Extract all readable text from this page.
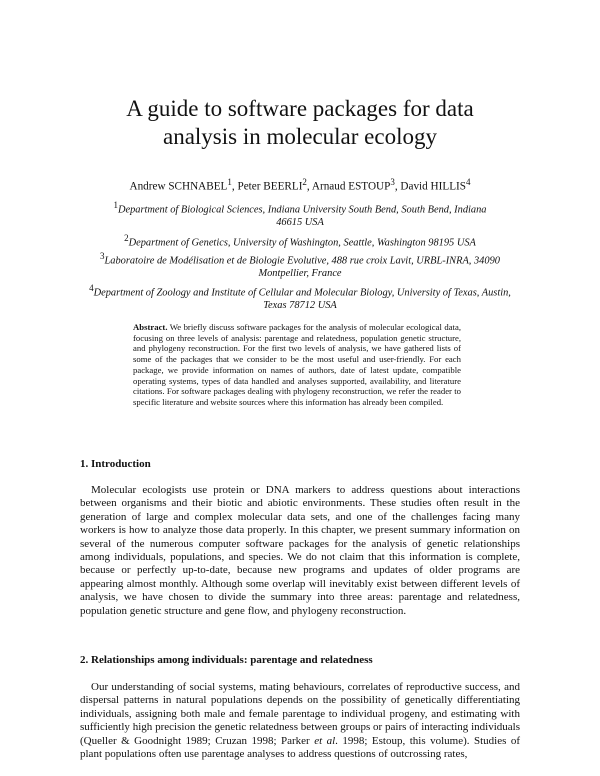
A guide to software packages for data
analysis in molecular ecology
Andrew SCHNABEL$^1$, Peter BEERLI$^2$, Arnaud ESTOUP$^3$, David HILLIS$^4$
$^1$Department of Biological Sciences, Indiana University South Bend, South Bend, Indiana 46615 USA
$^2$Department of Genetics, University of Washington, Seattle, Washington 98195 USA
$^3$Laboratoire de Modélisation et de Biologie Evolutive, 488 rue croix Lavit, URBL-INRA, 34090 Montpellier, France
$^4$Department of Zoology and Institute of Cellular and Molecular Biology, University of Texas, Austin, Texas 78712 USA
Abstract. We briefly discuss software packages for the analysis of molecular ecological data, focusing on three levels of analysis: parentage and relatedness, population genetic structure, and phylogeny reconstruction. For the first two levels of analysis, we have gathered lists of some of the packages that we consider to be the most useful and user-friendly. For each package, we provide information on names of authors, date of latest update, compatible operating systems, types of data handled and analyses supported, availability, and literature citations. For software packages dealing with phylogeny reconstruction, we refer the reader to specific literature and website sources where this information has already been compiled.
1. Introduction
Molecular ecologists use protein or DNA markers to address questions about interactions between organisms and their biotic and abiotic environments. These studies often result in the generation of large and complex molecular data sets, and one of the challenges facing many workers is how to analyze those data properly. In this chapter, we present summary information on several of the numerous computer software packages for the analysis of genetic relationships among individuals, populations, and species. We do not claim that this information is complete, because or perfectly up-to-date, because new programs and updates of older programs are appearing almost monthly. Although some overlap will inevitably exist between different levels of analysis, we have chosen to divide the summary into three areas: parentage and relatedness, population genetic structure and gene flow, and phylogeny reconstruction.
2. Relationships among individuals: parentage and relatedness
Our understanding of social systems, mating behaviours, correlates of reproductive success, and dispersal patterns in natural populations depends on the possibility of genetically differentiating individuals, assigning both male and female parentage to individual progeny, and estimating with sufficiently high precision the genetic relatedness between groups or pairs of interacting individuals (Queller & Goodnight 1989; Cruzan 1998; Parker et al. 1998; Estoup, this volume). Studies of plant populations often use parentage analyses to address questions of outcrossing rates,
